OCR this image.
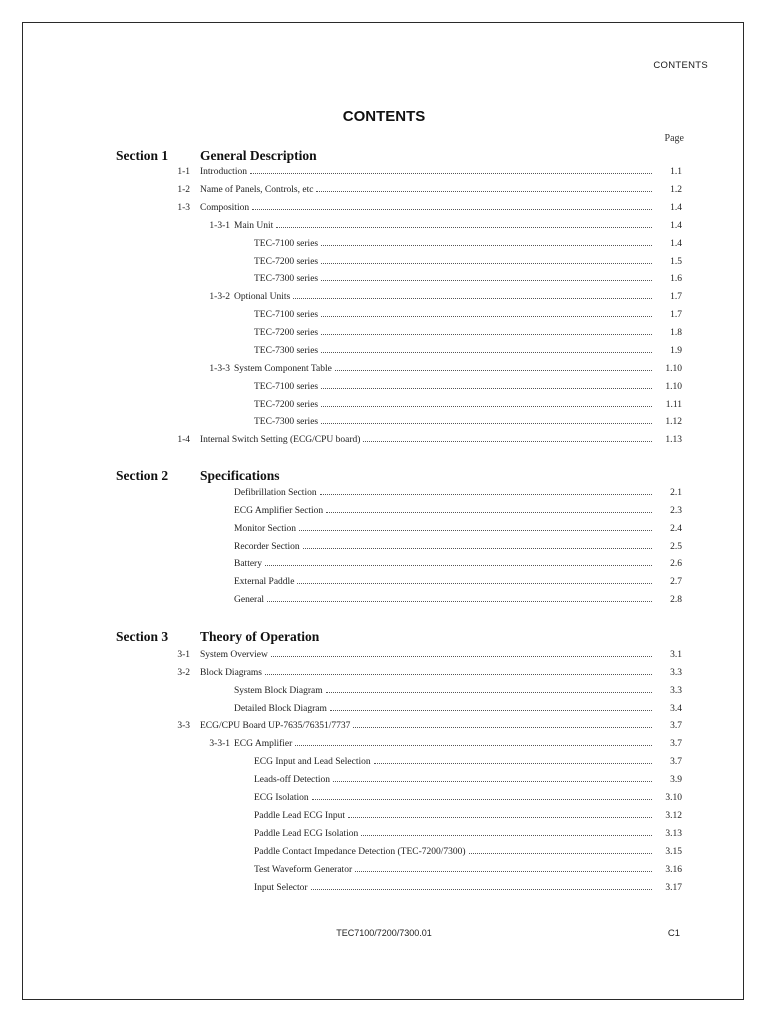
CONTENTS
CONTENTS
Page
Section 1 General Description
Section 2 Specifications
Section 3 Theory of Operation
1-1 Introduction	1.1
1-2 Name of Panels, Controls, etc	1.2
1-3 Composition	1.4
1-3-1 Main Unit	1.4
TEC-7100 series	1.4
TEC-7200 series	1.5
TEC-7300 series	1.6
1-3-2 Optional Units	1.7
TEC-7100 series	1.7
TEC-7200 series	1.8
TEC-7300 series	1.9
1-3-3 System Component Table	1.10
TEC-7100 series	1.10
TEC-7200 series	1.11
TEC-7300 series	1.12
1-4 Internal Switch Setting (ECG/CPU board)	1.13
Defibrillation Section	2.1
ECG Amplifier Section	2.3
Monitor Section	2.4
Recorder Section	2.5
Battery	2.6
External Paddle	2.7
General	2.8
3-1 System Overview	3.1
3-2 Block Diagrams	3.3
System Block Diagram	3.3
Detailed Block Diagram	3.4
3-3 ECG/CPU Board UP-7635/76351/7737	3.7
3-3-1 ECG Amplifier	3.7
ECG Input and Lead Selection	3.7
Leads-off Detection	3.9
ECG Isolation	3.10
Paddle Lead ECG Input	3.12
Paddle Lead ECG Isolation	3.13
Paddle Contact Impedance Detection (TEC-7200/7300)	3.15
Test Waveform Generator	3.16
Input Selector	3.17
TEC7100/7200/7300.01	C1
